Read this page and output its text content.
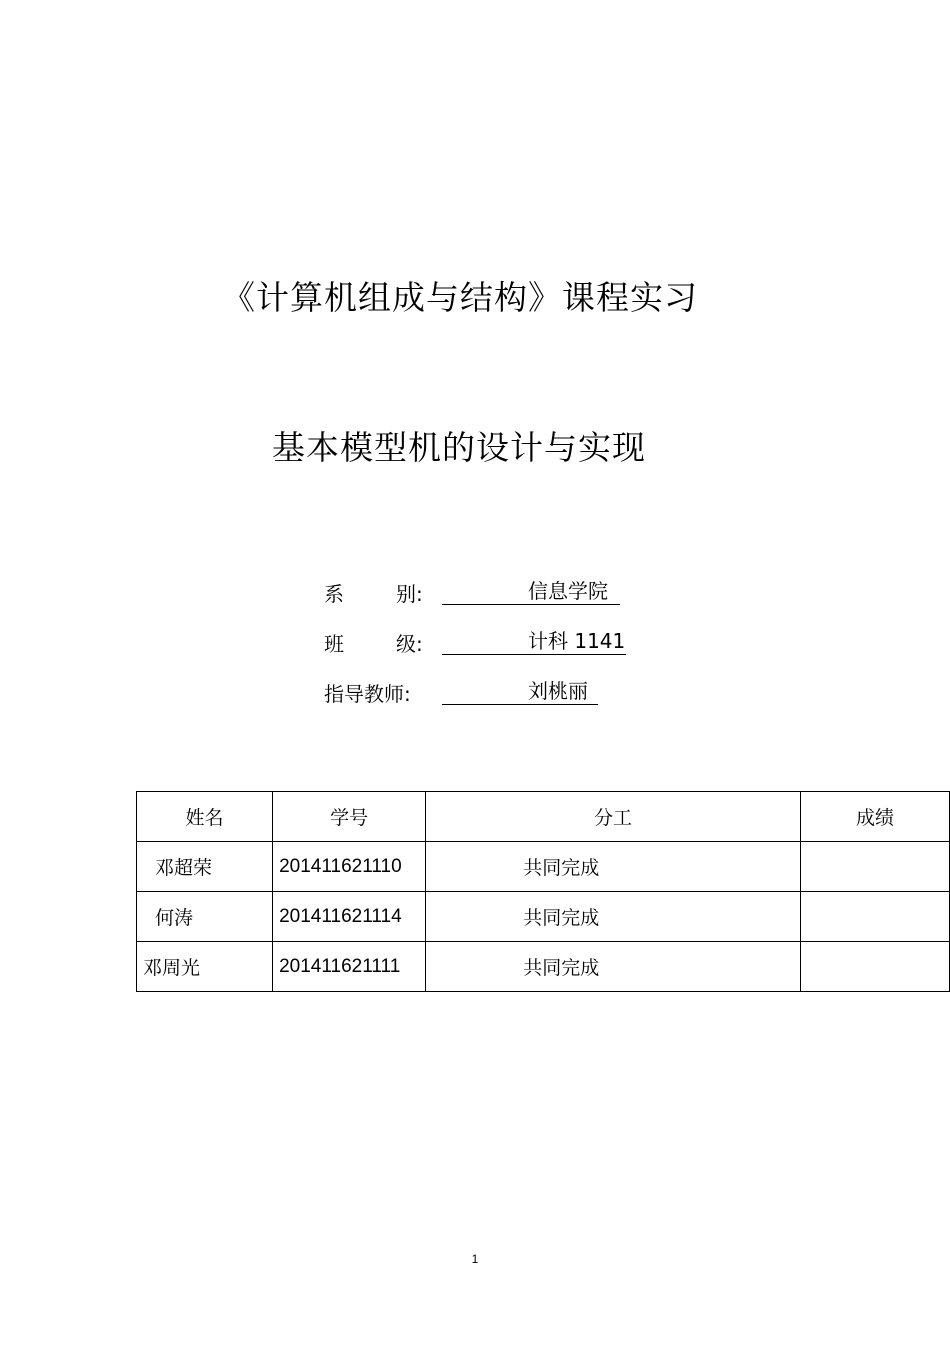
《计算机组成与结构》课程实习
基本模型机的设计与实现
系	别:	信息学院
班	级:	计科 1141
指导教师:	刘桃丽
姓名	学号	分工	成绩
邓超荣	201411621110	共同完成	
何涛	201411621114	共同完成	
邓周光	201411621111	共同完成	
1
